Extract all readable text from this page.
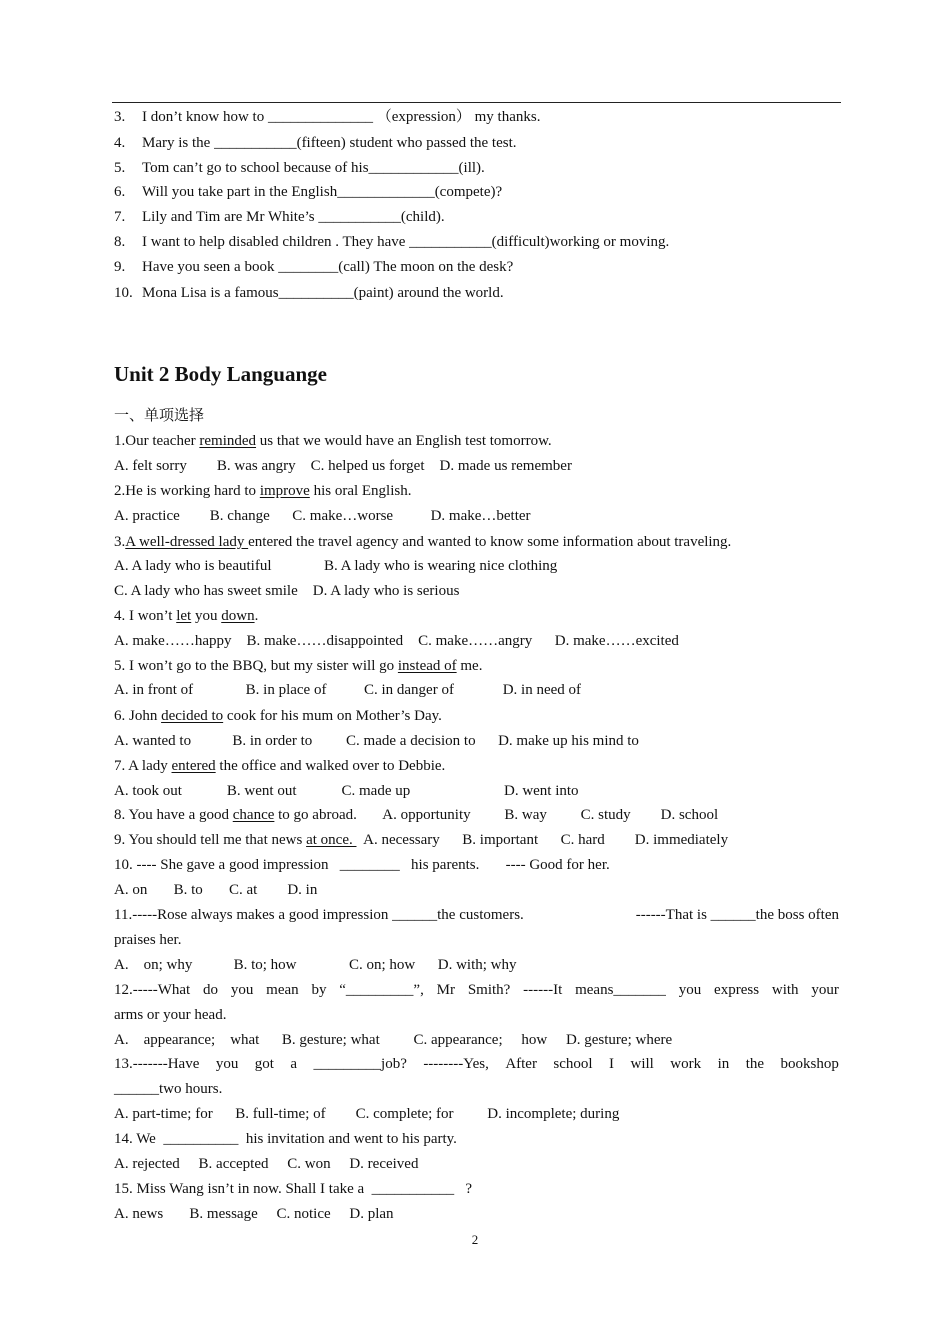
3. I don’t know how to ______________ （expression） my thanks.
4. Mary is the ___________(fifteen) student who passed the test.
5. Tom can’t go to school because of his____________(ill).
6. Will you take part in the English_____________(compete)?
7. Lily and Tim are Mr White’s ___________(child).
8. I want to help disabled children . They have ___________(difficult)working or moving.
9. Have you seen a book ________(call) The moon on the desk?
10. Mona Lisa is a famous__________(paint) around the world.
Unit 2 Body Languange
一、单项选择
1.Our teacher reminded us that we would have an English test tomorrow.
A. felt sorry        B. was angry    C. helped us forget    D. made us remember
2.He is working hard to improve his oral English.
A. practice        B. change      C. make…worse          D. make…better
3.A well-dressed lady entered the travel agency and wanted to know some information about traveling.
A. A lady who is beautiful              B. A lady who is wearing nice clothing
C. A lady who has sweet smile    D. A lady who is serious
4. I won’t let you down.
A. make……happy    B. make……disappointed    C. make……angry      D. make……excited
5. I won’t go to the BBQ, but my sister will go instead of me.
A. in front of              B. in place of          C. in danger of             D. in need of
6. John decided to cook for his mum on Mother’s Day.
A. wanted to           B. in order to         C. made a decision to      D. make up his mind to
7. A lady entered the office and walked over to Debbie.
A. took out            B. went out            C. made up                         D. went into
8. You have a good chance to go abroad.       A. opportunity         B. way         C. study        D. school
9. You should tell me that news at once.   A. necessary      B. important      C. hard        D. immediately
10. ---- She gave a good impression   ________   his parents.       ---- Good for her.
A. on       B. to       C. at        D. in
11.-----Rose always makes a good impression ______the customers.	------That is ______the boss often
praises her.
A.    on; why           B. to; how              C. on; how      D. with; why
12.-----What do you mean by “_________”, Mr Smith? ------It means_______ you express with your
arms or your head.
A.    appearance;    what      B. gesture; what         C. appearance;     how     D. gesture; where
13.-------Have you got a _________job? --------Yes, After school I will work in the bookshop
______two hours.
A. part-time; for      B. full-time; of        C. complete; for         D. incomplete; during
14. We  __________  his invitation and went to his party.
A. rejected     B. accepted     C. won     D. received
15. Miss Wang isn’t in now. Shall I take a  ___________   ?
A. news       B. message     C. notice     D. plan
2
